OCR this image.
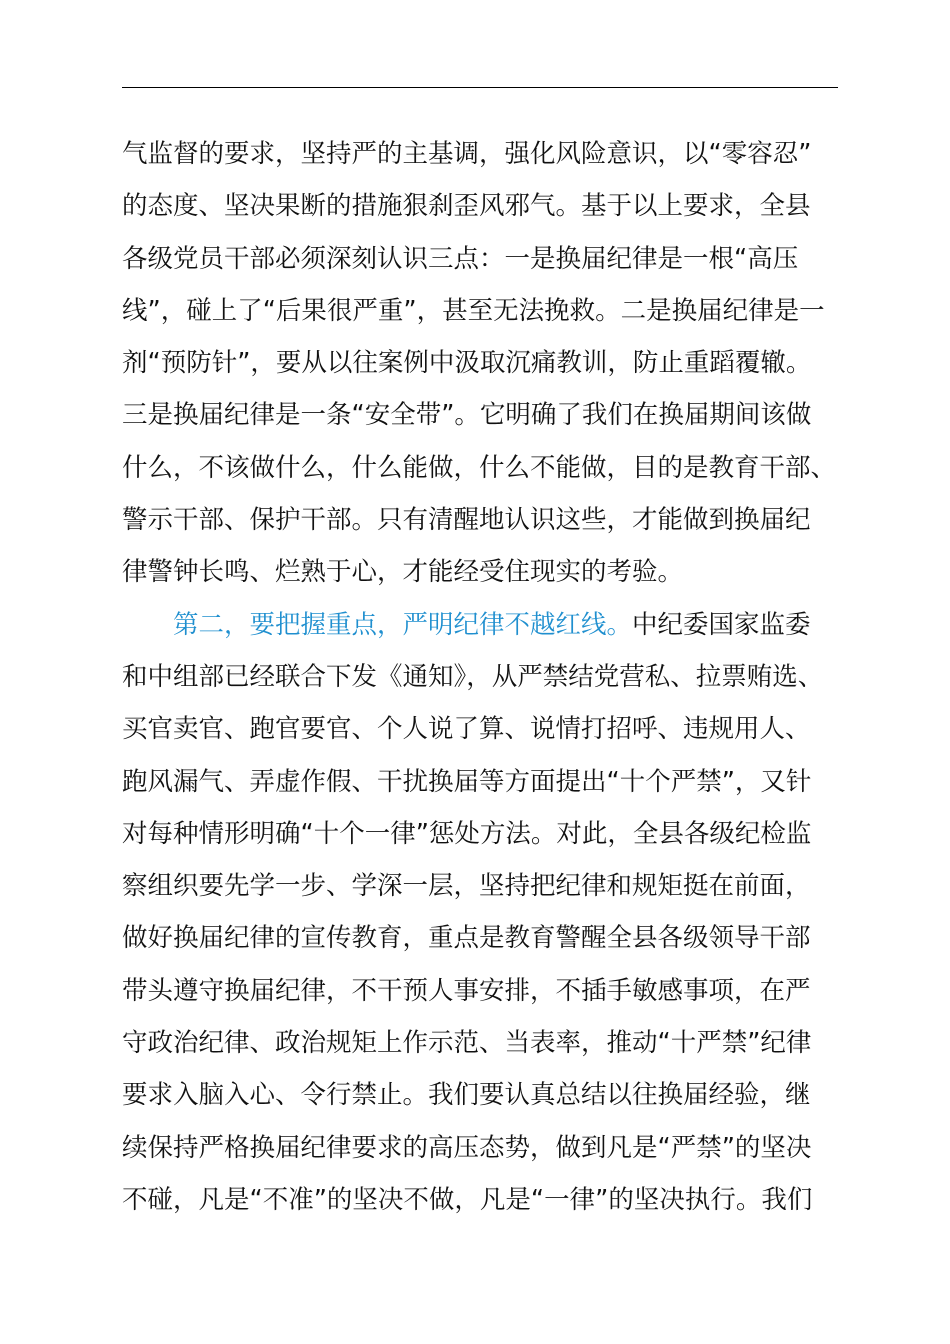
气监督的要求，坚持严的主基调，强化风险意识，以“零容忍”
的态度、坚决果断的措施狠刹歪风邪气。基于以上要求，全县
各级党员干部必须深刻认识三点：一是换届纪律是一根“高压
线”，碰上了“后果很严重”，甚至无法挽救。二是换届纪律是一
剂“预防针”，要从以往案例中汲取沉痛教训，防止重蹈覆辙。
三是换届纪律是一条“安全带”。它明确了我们在换届期间该做
什么，不该做什么，什么能做，什么不能做，目的是教育干部、
警示干部、保护干部。只有清醒地认识这些，才能做到换届纪
律警钟长鸣、烂熟于心，才能经受住现实的考验。
第二，要把握重点，严明纪律不越红线。中纪委国家监委
和中组部已经联合下发《通知》，从严禁结党营私、拉票贿选、
买官卖官、跑官要官、个人说了算、说情打招呼、违规用人、
跑风漏气、弄虚作假、干扰换届等方面提出“十个严禁”，又针
对每种情形明确“十个一律”惩处方法。对此，全县各级纪检监
察组织要先学一步、学深一层，坚持把纪律和规矩挺在前面，
做好换届纪律的宣传教育，重点是教育警醒全县各级领导干部
带头遵守换届纪律，不干预人事安排，不插手敏感事项，在严
守政治纪律、政治规矩上作示范、当表率，推动“十严禁”纪律
要求入脑入心、令行禁止。我们要认真总结以往换届经验，继
续保持严格换届纪律要求的高压态势，做到凡是“严禁”的坚决
不碰，凡是“不准”的坚决不做，凡是“一律”的坚决执行。我们
